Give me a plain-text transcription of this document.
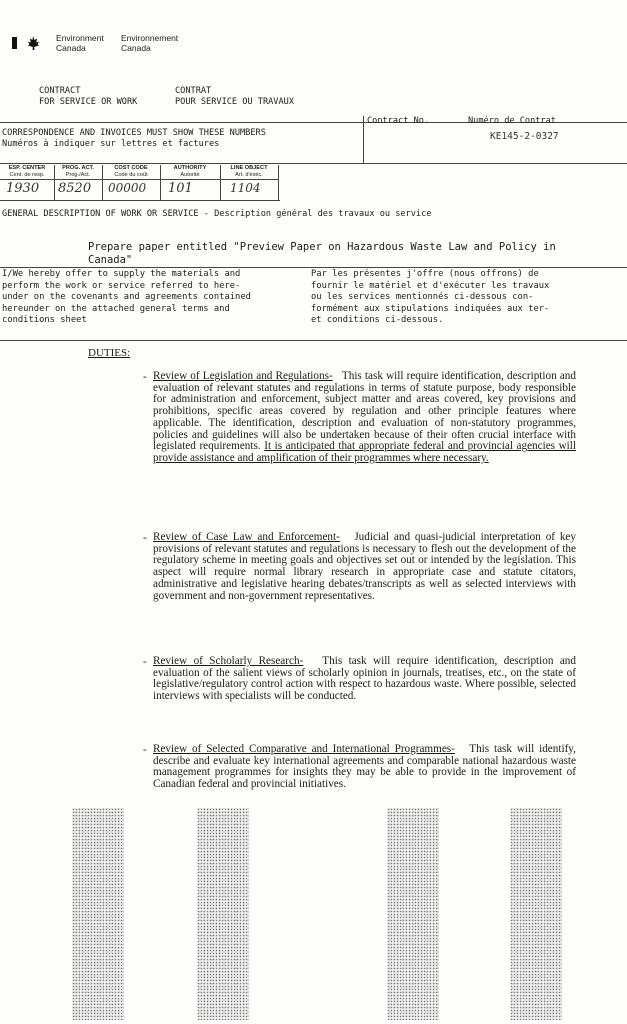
Environment
Canada
Environnement
Canada
CONTRACT
FOR SERVICE OR WORK
CONTRAT
POUR SERVICE OU TRAVAUX
CORRESPONDENCE AND INVOICES MUST SHOW THESE NUMBERS
Numéros à indiquer sur lettres et factures
Contract No.	Numéro de Contrat
KE145-2-0327
ESP. CENTER
Cent. de resp.
PROG. ACT.
Prog./Act.
COST CODE
Code du coût
AUTHORITY
Autorité
LINE OBJECT
Art. d'exéc.
1930 8520 00000 101	1104
GENERAL DESCRIPTION OF WORK OR SERVICE - Description général des travaux ou service
Prepare paper entitled "Preview Paper on Hazardous Waste Law and Policy in
Canada"
I/We hereby offer to supply the materials and
perform the work or service referred to here-
under on the covenants and agreements contained
hereunder on the attached general terms and
conditions sheet
Par les présentes j'offre (nous offrons) de
fournir le matériel et d'exécuter les travaux
ou les services mentionnés ci-dessous con-
formément aux stipulations indiquées aux ter-
et conditions ci-dessous.
DUTIES:
- Review of Legislation and Regulations- This task will require identification, description and evaluation of relevant statutes and regulations in terms of statute purpose, body responsible for administration and enforcement, subject matter and areas covered, key provisions and prohibitions, specific areas covered by regulation and other principle features where applicable. The identification, description and evaluation of non-statutory programmes, policies and guidelines will also be undertaken because of their often crucial interface with legislated requirements. It is anticipated that appropriate federal and provincial agencies will provide assistance and amplification of their programmes where necessary.
- Review of Case Law and Enforcement- Judicial and quasi-judicial interpretation of key provisions of relevant statutes and regulations is necessary to flesh out the development of the regulatory scheme in meeting goals and objectives set out or intended by the legislation. This aspect will require normal library research in appropriate case and statute citators, administrative and legislative hearing debates/transcripts as well as selected interviews with government and non-government representatives.
- Review of Scholarly Research- This task will require identification, description and evaluation of the salient views of scholarly opinion in journals, treatises, etc., on the state of legislative/regulatory control action with respect to hazardous waste. Where possible, selected interviews with specialists will be conducted.
- Review of Selected Comparative and International Programmes- This task will identify, describe and evaluate key international agreements and comparable national hazardous waste management programmes for insights they may be able to provide in the improvement of Canadian federal and provincial initiatives.
